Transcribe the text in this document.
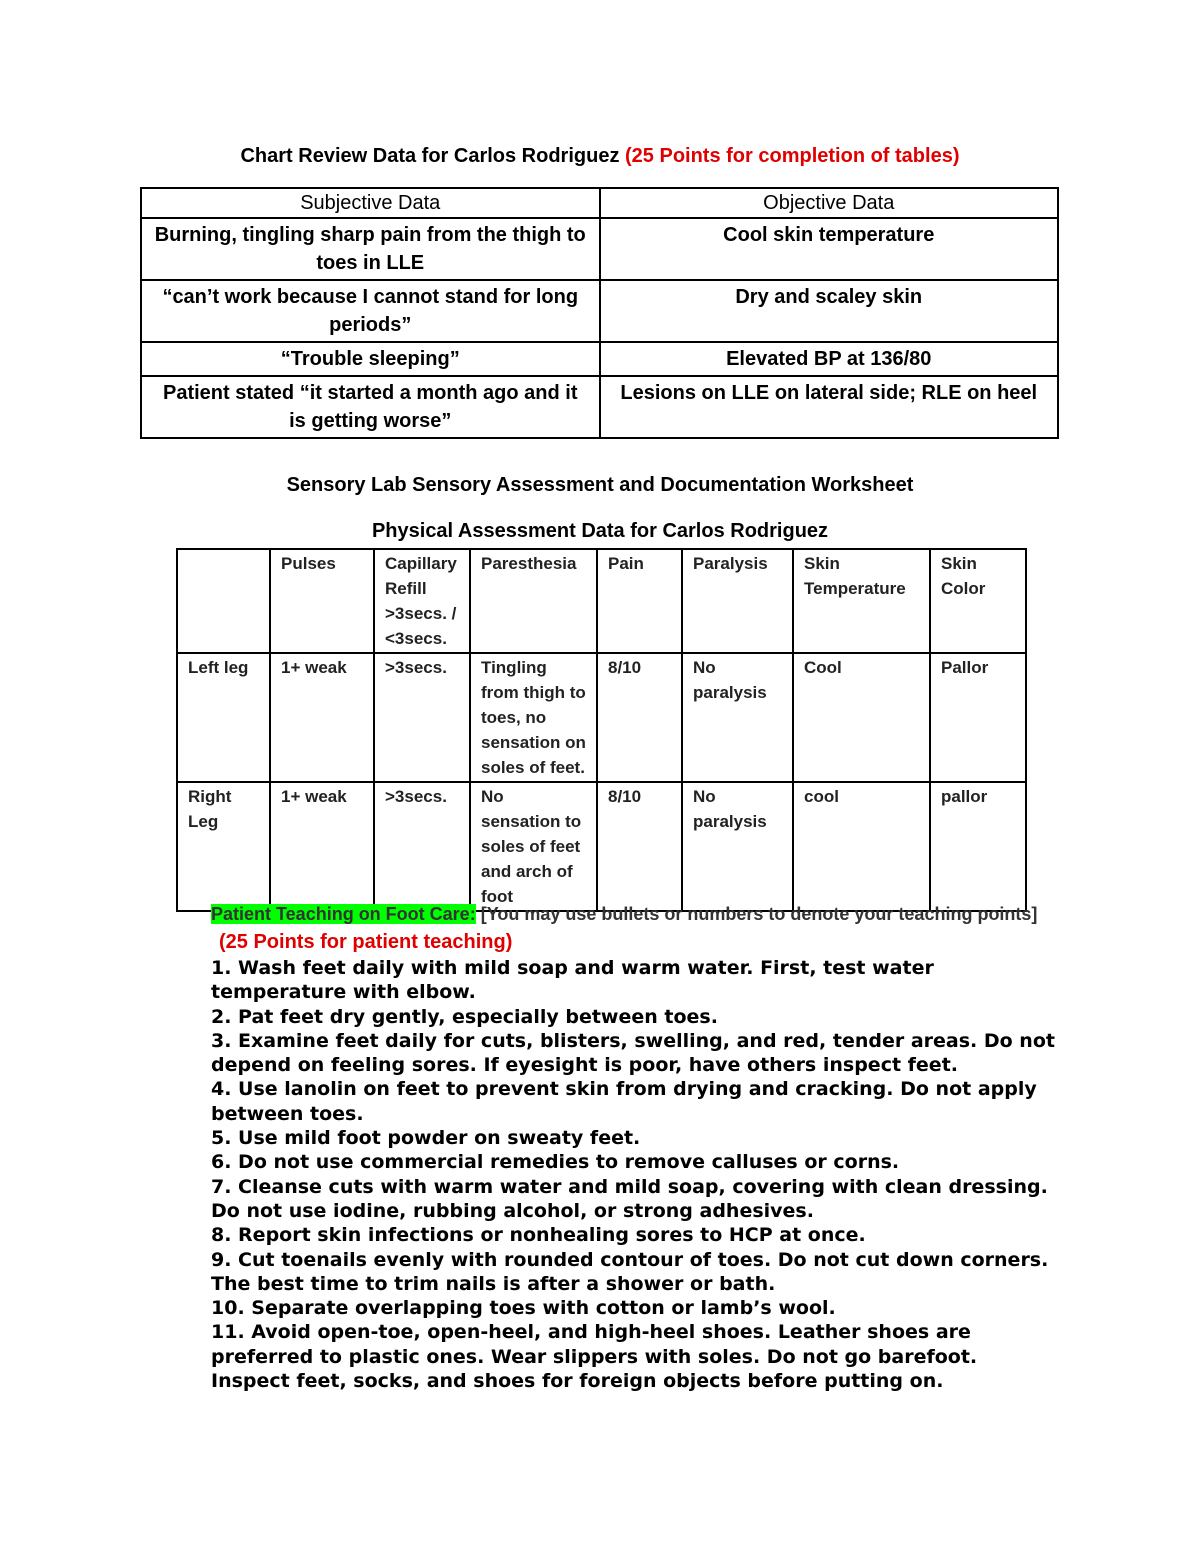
Chart Review Data for Carlos Rodriguez (25 Points for completion of tables)
Subjective Data	Objective Data
Burning, tingling sharp pain from the thigh to toes in LLE	Cool skin temperature
“can’t work because I cannot stand for long periods”	Dry and scaley skin
“Trouble sleeping”	Elevated BP at 136/80
Patient stated “it started a month ago and it is getting worse”	Lesions on LLE on lateral side; RLE on heel
Sensory Lab Sensory Assessment and Documentation Worksheet
Physical Assessment Data for Carlos Rodriguez
	Pulses	Capillary Refill >3secs. / <3secs.	Paresthesia	Pain	Paralysis	Skin Temperature	Skin Color
Left leg	1+ weak	>3secs.	Tingling from thigh to toes, no sensation on soles of feet.	8/10	No paralysis	Cool	Pallor
Right Leg	1+ weak	>3secs.	No sensation to soles of feet and arch of foot	8/10	No paralysis	cool	pallor
Patient Teaching on Foot Care: [You may use bullets or numbers to denote your teaching points]
(25 Points for patient teaching)
1. Wash feet daily with mild soap and warm water. First, test water temperature with elbow.
2. Pat feet dry gently, especially between toes.
3. Examine feet daily for cuts, blisters, swelling, and red, tender areas. Do not depend on feeling sores. If eyesight is poor, have others inspect feet.
4. Use lanolin on feet to prevent skin from drying and cracking. Do not apply between toes.
5. Use mild foot powder on sweaty feet.
6. Do not use commercial remedies to remove calluses or corns.
7. Cleanse cuts with warm water and mild soap, covering with clean dressing. Do not use iodine, rubbing alcohol, or strong adhesives.
8. Report skin infections or nonhealing sores to HCP at once.
9. Cut toenails evenly with rounded contour of toes. Do not cut down corners. The best time to trim nails is after a shower or bath.
10. Separate overlapping toes with cotton or lamb’s wool.
11. Avoid open-toe, open-heel, and high-heel shoes. Leather shoes are preferred to plastic ones. Wear slippers with soles. Do not go barefoot. Inspect feet, socks, and shoes for foreign objects before putting on.
